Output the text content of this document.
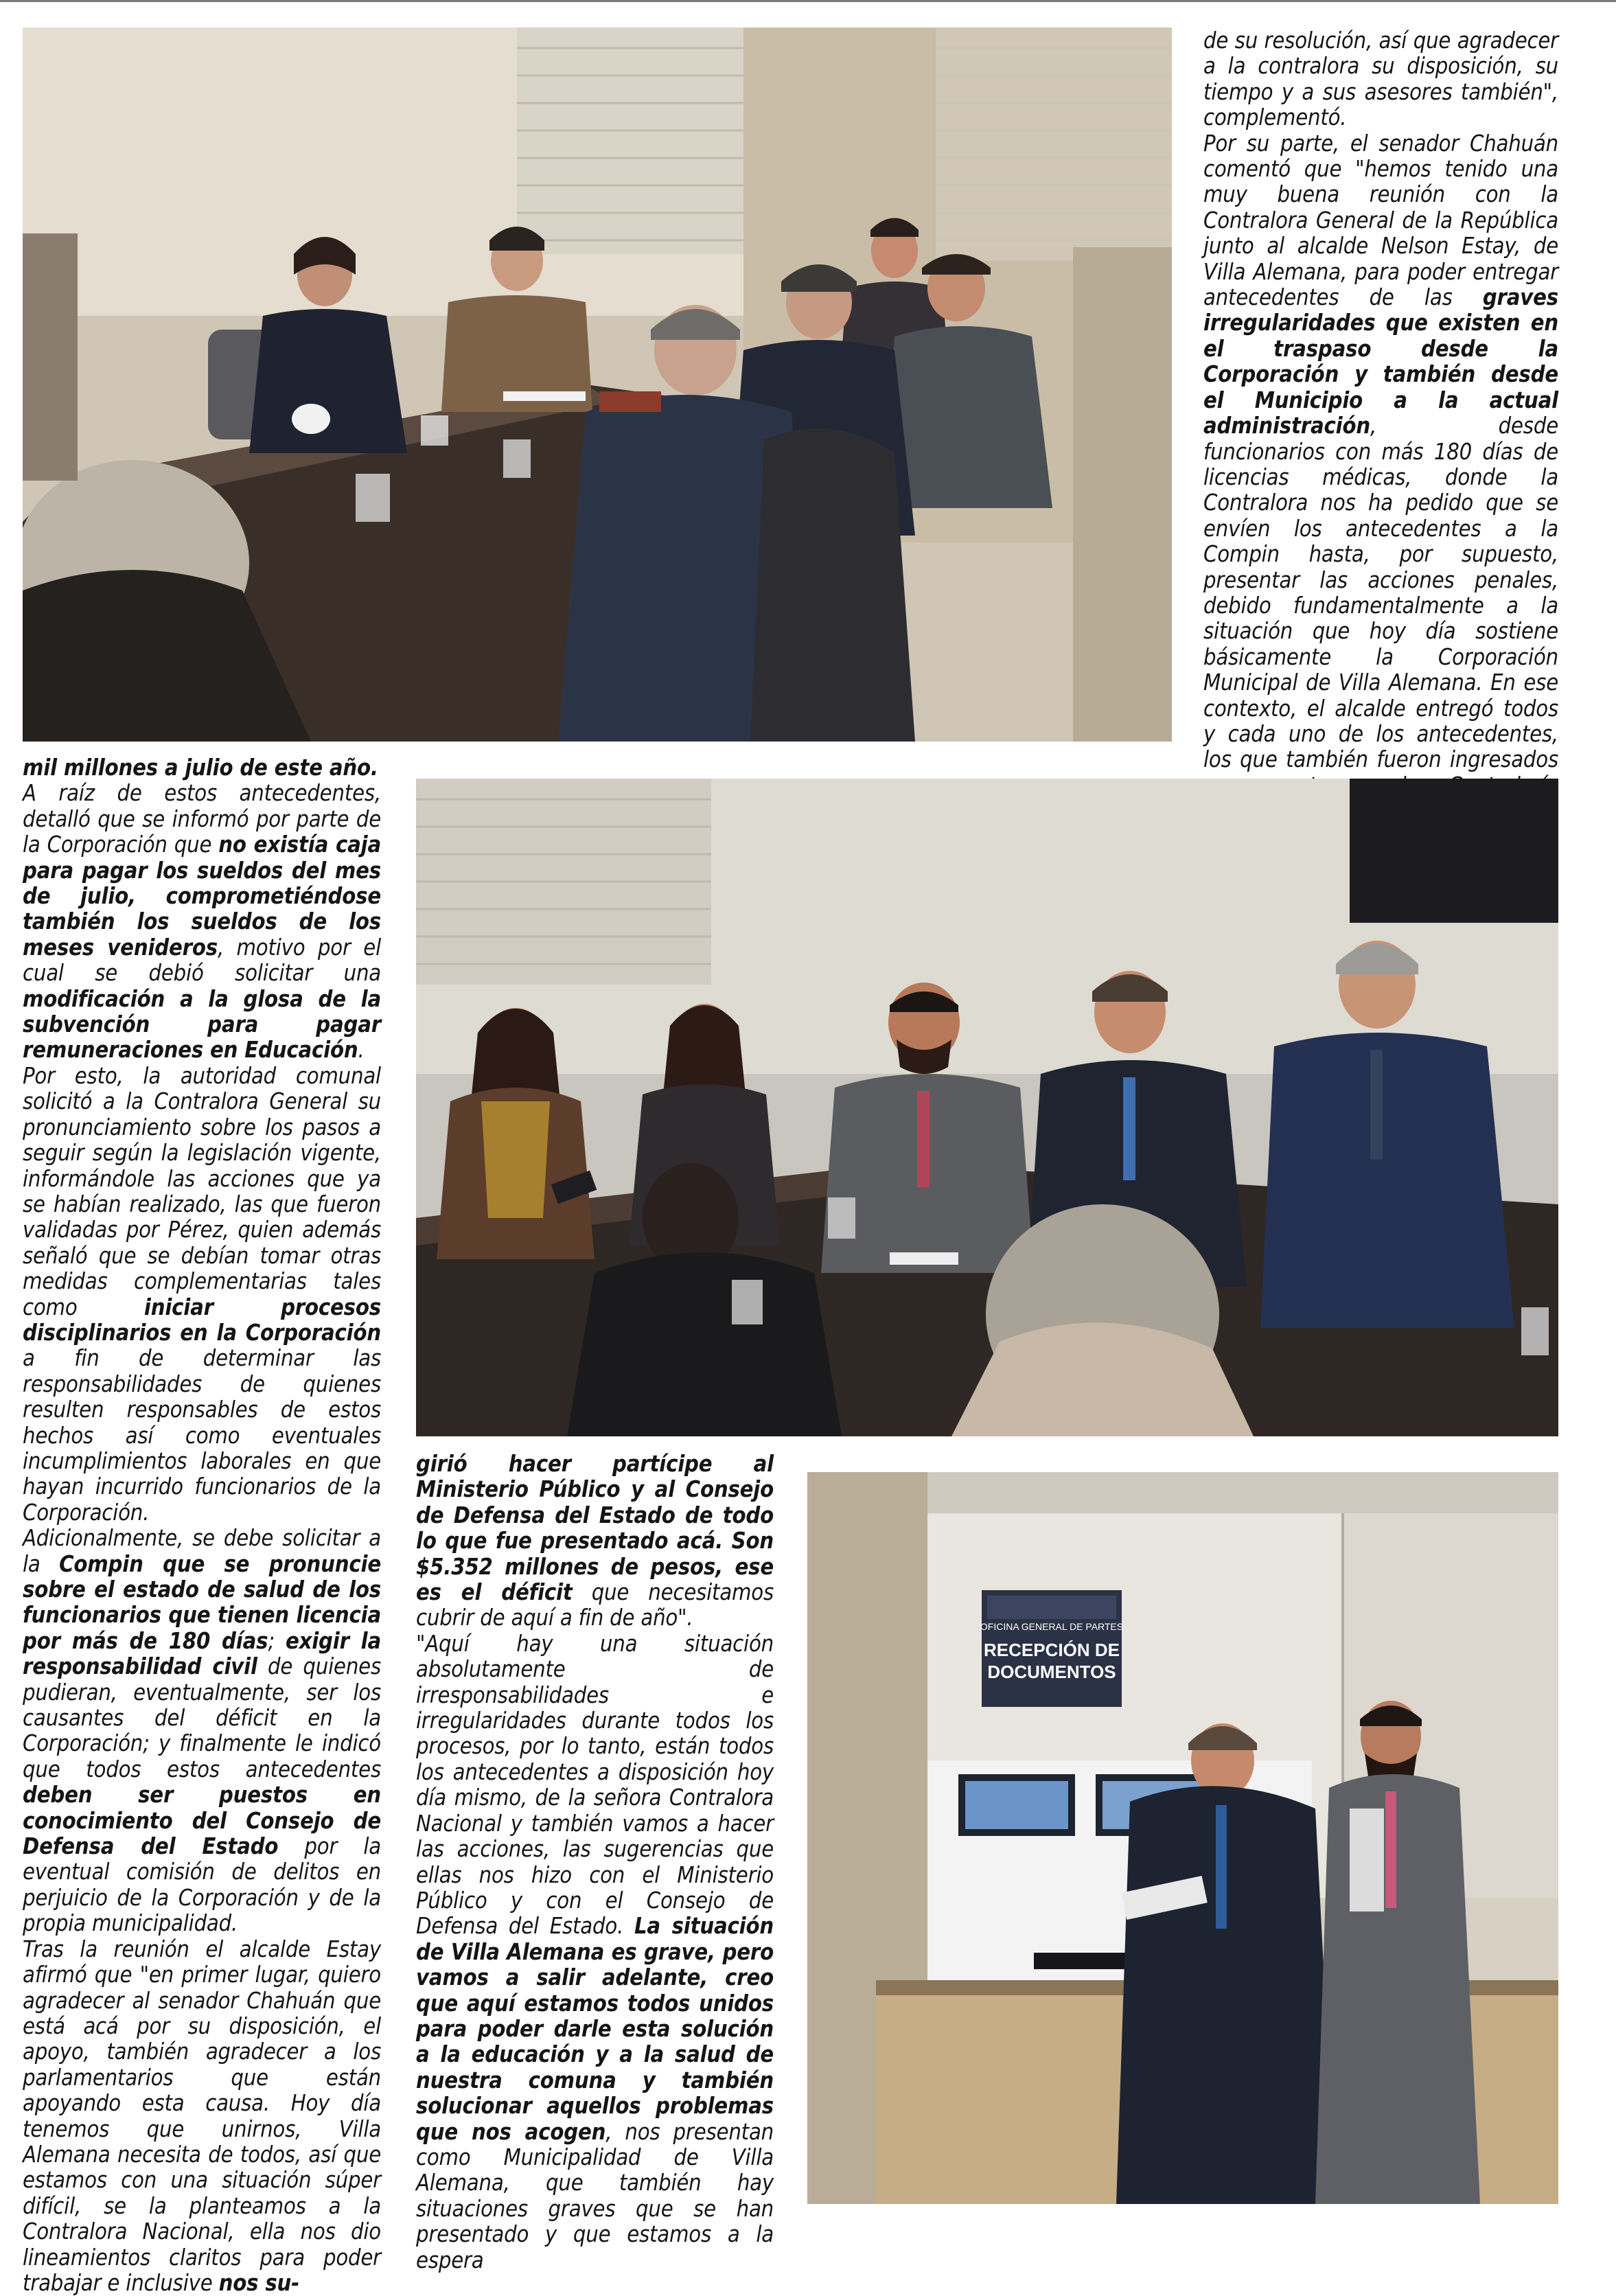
de su resolución, así que agradecer a la contralora su disposición, su tiempo y a sus asesores también", complementó.

Por su parte, el senador Chahuán comentó que "hemos tenido una muy buena reunión con la Contralora General de la República junto al alcalde Nelson Estay, de Villa Alemana, para poder entregar antecedentes de las graves irregularidades que existen en el traspaso desde la Corporación y también desde el Municipio a la actual administración, desde funcionarios con más 180 días de licencias médicas, donde la Contralora nos ha pedido que se envíen los antecedentes a la Compin hasta, por supuesto, presentar las acciones penales, debido fundamentalmente a la situación que hoy día sostiene básicamente la Corporación Municipal de Villa Alemana. En ese contexto, el alcalde entregó todos y cada uno de los antecedentes, los que también fueron ingresados

mil millones a julio de este año.

A raíz de estos antecedentes, detalló que se informó por parte de la Corporación que no existía caja para pagar los sueldos del mes de julio, comprometiéndose también los sueldos de los meses venideros, motivo por el cual se debió solicitar una modificación a la glosa de la subvención para pagar remuneraciones en Educación.

Por esto, la autoridad comunal solicitó a la Contralora General su pronunciamiento sobre los pasos a seguir según la legislación vigente, informándole las acciones que ya se habían realizado, las que fueron validadas por Pérez, quien además señaló que se debían tomar otras medidas complementarias tales como iniciar procesos disciplinarios en la Corporación a fin de determinar las responsabilidades de quienes resulten responsables de estos hechos así como eventuales incumplimientos laborales en que hayan incurrido funcionarios de la Corporación.

Adicionalmente, se debe solicitar a la Compin que se pronuncie sobre el estado de salud de los funcionarios que tienen licencia por más de 180 días; exigir la responsabilidad civil de quienes pudieran, eventualmente, ser los causantes del déficit en la Corporación; y finalmente le indicó que todos estos antecedentes deben ser puestos en conocimiento del Consejo de Defensa del Estado por la eventual comisión de delitos en perjuicio de la Corporación y de la propia municipalidad.

Tras la reunión el alcalde Estay afirmó que "en primer lugar, quiero agradecer al senador Chahuán que está acá por su disposición, el apoyo, también agradecer a los parlamentarios que están apoyando esta causa. Hoy día tenemos que unirnos, Villa Alemana necesita de todos, así que estamos con una situación súper difícil, se la planteamos a la Contralora Nacional, ella nos dio lineamientos claritos para poder trabajar e inclusive nos su-

girió hacer partícipe al Ministerio Público y al Consejo de Defensa del Estado de todo lo que fue presentado acá. Son $5.352 millones de pesos, ese es el déficit que necesitamos cubrir de aquí a fin de año".

"Aquí hay una situación absolutamente de irresponsabilidades e irregularidades durante todos los procesos, por lo tanto, están todos los antecedentes a disposición hoy día mismo, de la señora Contralora Nacional y también vamos a hacer las acciones, las sugerencias que ellas nos hizo con el Ministerio Público y con el Consejo de Defensa del Estado. La situación de Villa Alemana es grave, pero vamos a salir adelante, creo que aquí estamos todos unidos para poder darle esta solución a la educación y a la salud de nuestra comuna y también solucionar aquellos problemas que nos acogen, nos presentan como Municipalidad de Villa Alemana, que también hay situaciones graves que se han presentado y que estamos a la espera

OFICINA GENERAL DE PARTES
RECEPCIÓN DE
DOCUMENTOS
